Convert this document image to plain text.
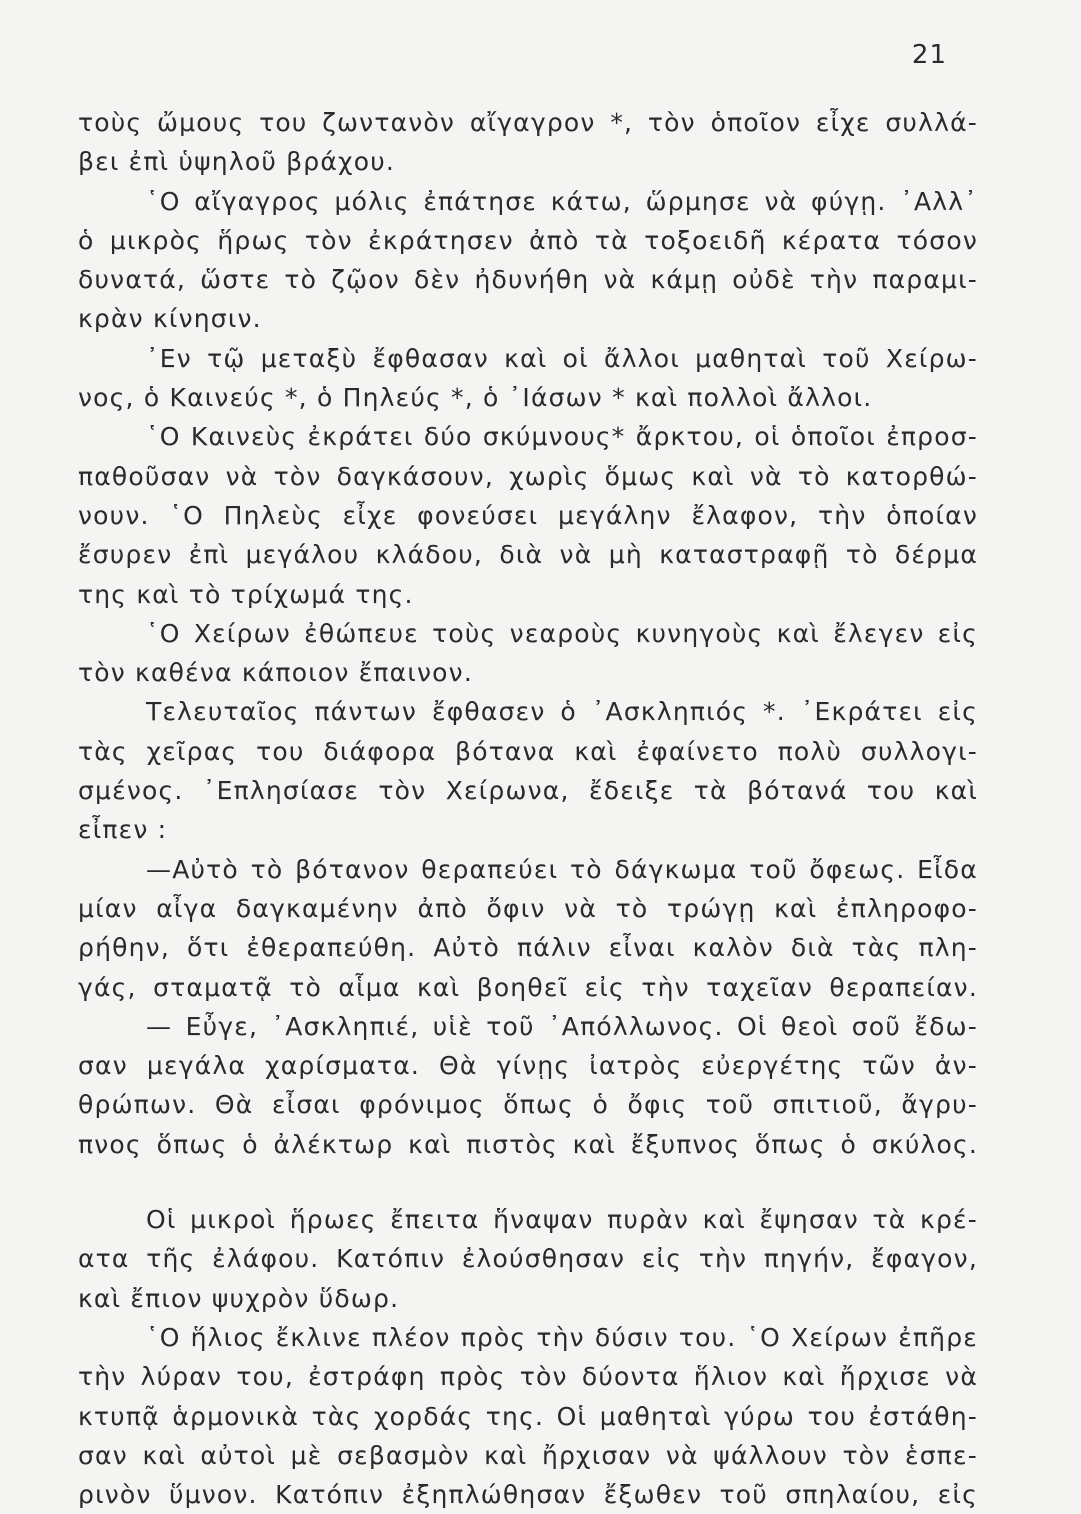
21
τοὺς ὤμους του ζωντανὸν αἴγαγρον *, τὸν ὁποῖον εἶχε συλλά-
βει ἐπὶ ὑψηλοῦ βράχου.
῾Ο αἴγαγρος μόλις ἐπάτησε κάτω, ὥρμησε νὰ φύγῃ. ᾿Αλλ᾿
ὁ μικρὸς ἥρως τὸν ἐκράτησεν ἀπὸ τὰ τοξοειδῆ κέρατα τόσον
δυνατά, ὥστε τὸ ζῷον δὲν ἠδυνήθη νὰ κάμῃ οὐδὲ τὴν παραμι-
κρὰν κίνησιν.
᾿Εν τῷ μεταξὺ ἔφθασαν καὶ οἱ ἄλλοι μαθηταὶ τοῦ Χείρω-
νος, ὁ Καινεύς *, ὁ Πηλεύς *, ὁ ᾿Ιάσων * καὶ πολλοὶ ἄλλοι.
῾Ο Καινεὺς ἐκράτει δύο σκύμνους* ἄρκτου, οἱ ὁποῖοι ἐπροσ-
παθοῦσαν νὰ τὸν δαγκάσουν, χωρὶς ὅμως καὶ νὰ τὸ κατορθώ-
νουν. ῾Ο Πηλεὺς εἶχε φονεύσει μεγάλην ἔλαφον, τὴν ὁποίαν
ἔσυρεν ἐπὶ μεγάλου κλάδου, διὰ νὰ μὴ καταστραφῇ τὸ δέρμα
της καὶ τὸ τρίχωμά της.
῾Ο Χείρων ἐθώπευε τοὺς νεαροὺς κυνηγοὺς καὶ ἔλεγεν εἰς
τὸν καθένα κάποιον ἔπαινον.
Τελευταῖος πάντων ἔφθασεν ὁ ᾿Ασκληπιός *. ᾿Εκράτει εἰς
τὰς χεῖρας του διάφορα βότανα καὶ ἐφαίνετο πολὺ συλλογι-
σμένος. ᾿Επλησίασε τὸν Χείρωνα, ἔδειξε τὰ βότανά του καὶ
εἶπεν :
—Αὐτὸ τὸ βότανον θεραπεύει τὸ δάγκωμα τοῦ ὄφεως. Εἶδα
μίαν αἶγα δαγκαμένην ἀπὸ ὄφιν νὰ τὸ τρώγῃ καὶ ἐπληροφο-
ρήθην, ὅτι ἐθεραπεύθη. Αὐτὸ πάλιν εἶναι καλὸν διὰ τὰς πλη-
γάς, σταματᾷ τὸ αἷμα καὶ βοηθεῖ εἰς τὴν ταχεῖαν θεραπείαν.
— Εὖγε, ᾿Ασκληπιέ, υἱὲ τοῦ ᾿Απόλλωνος. Οἱ θεοὶ σοῦ ἔδω-
σαν μεγάλα χαρίσματα. Θὰ γίνῃς ἰατρὸς εὐεργέτης τῶν ἀν-
θρώπων. Θὰ εἶσαι φρόνιμος ὅπως ὁ ὄφις τοῦ σπιτιοῦ, ἄγρυ-
πνος ὅπως ὁ ἀλέκτωρ καὶ πιστὸς καὶ ἔξυπνος ὅπως ὁ σκύλος.
Οἱ μικροὶ ἥρωες ἔπειτα ἥναψαν πυρὰν καὶ ἔψησαν τὰ κρέ-
ατα τῆς ἐλάφου. Κατόπιν ἐλούσθησαν εἰς τὴν πηγήν, ἔφαγον,
καὶ ἔπιον ψυχρὸν ὕδωρ.
῾Ο ἥλιος ἔκλινε πλέον πρὸς τὴν δύσιν του. ῾Ο Χείρων ἐπῆρε
τὴν λύραν του, ἐστράφη πρὸς τὸν δύοντα ἥλιον καὶ ἤρχισε νὰ
κτυπᾷ ἁρμονικὰ τὰς χορδάς της. Οἱ μαθηταὶ γύρω του ἐστάθη-
σαν καὶ αὐτοὶ μὲ σεβασμὸν καὶ ἤρχισαν νὰ ψάλλουν τὸν ἑσπε-
ρινὸν ὕμνον. Κατόπιν ἐξηπλώθησαν ἔξωθεν τοῦ σπηλαίου, εἰς
